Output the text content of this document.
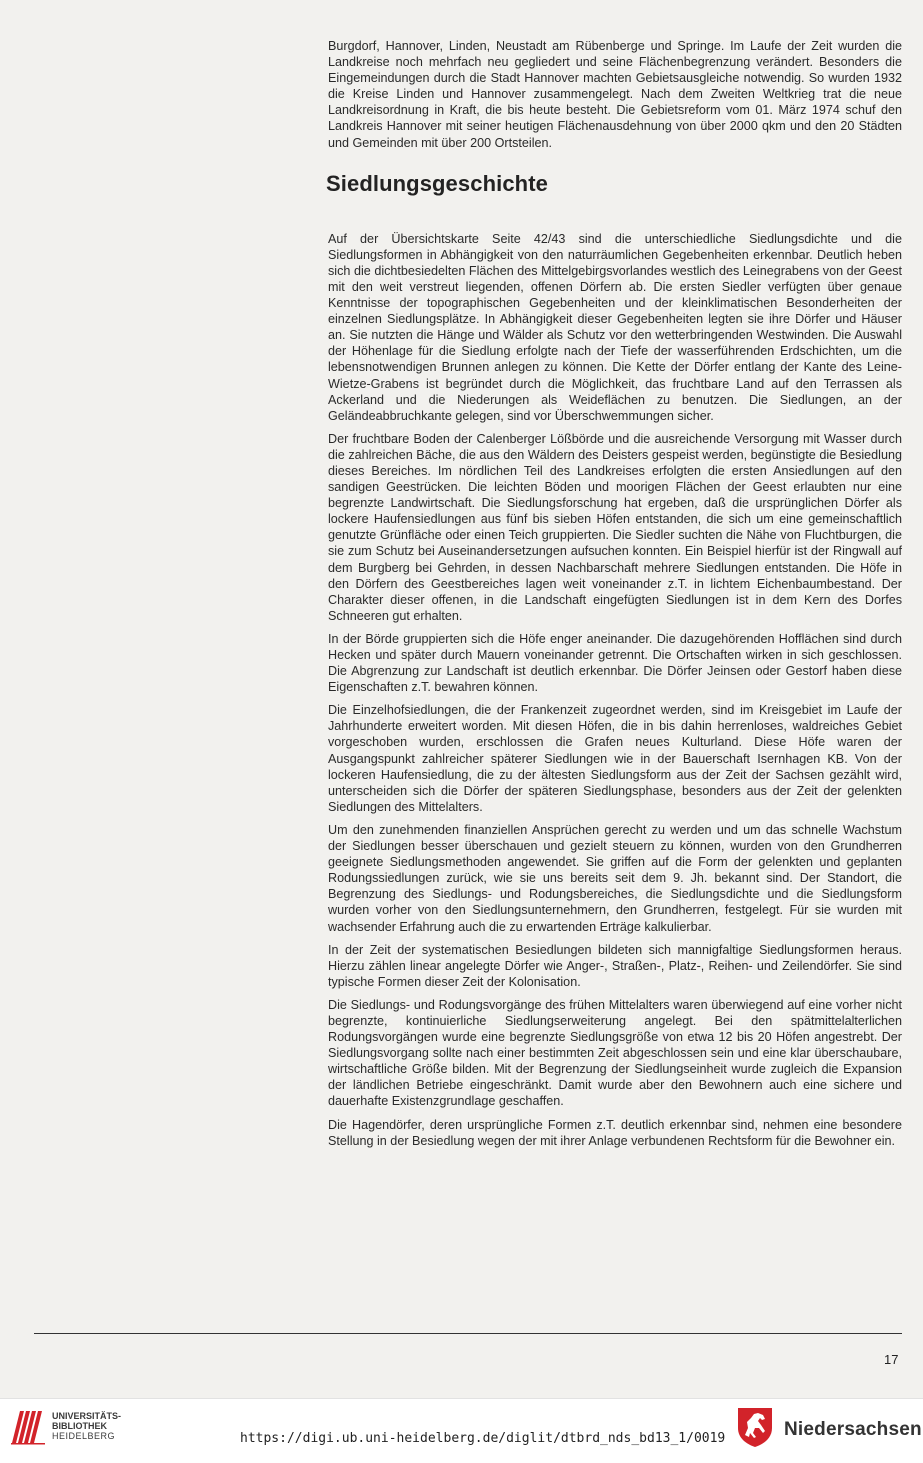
Burgdorf, Hannover, Linden, Neustadt am Rübenberge und Springe. Im Laufe der Zeit wurden die Landkreise noch mehrfach neu gegliedert und seine Flächenbegrenzung verändert. Besonders die Eingemeindungen durch die Stadt Hannover machten Gebietsausgleiche notwendig. So wurden 1932 die Kreise Linden und Hannover zusammengelegt. Nach dem Zweiten Weltkrieg trat die neue Landkreisordnung in Kraft, die bis heute besteht. Die Gebietsreform vom 01. März 1974 schuf den Landkreis Hannover mit seiner heutigen Flächenausdehnung von über 2000 qkm und den 20 Städten und Gemeinden mit über 200 Ortsteilen.

Siedlungsgeschichte

Auf der Übersichtskarte Seite 42/43 sind die unterschiedliche Siedlungsdichte und die Siedlungsformen in Abhängigkeit von den naturräumlichen Gegebenheiten erkennbar. Deutlich heben sich die dichtbesiedelten Flächen des Mittelgebirgsvorlandes westlich des Leinegrabens von der Geest mit den weit verstreut liegenden, offenen Dörfern ab. Die ersten Siedler verfügten über genaue Kenntnisse der topographischen Gegebenheiten und der kleinklimatischen Besonderheiten der einzelnen Siedlungsplätze. In Abhängigkeit dieser Gegebenheiten legten sie ihre Dörfer und Häuser an. Sie nutzten die Hänge und Wälder als Schutz vor den wetterbringenden Westwinden. Die Auswahl der Höhenlage für die Siedlung erfolgte nach der Tiefe der wasserführenden Erdschichten, um die lebensnotwendigen Brunnen anlegen zu können. Die Kette der Dörfer entlang der Kante des Leine-Wietze-Grabens ist begründet durch die Möglichkeit, das fruchtbare Land auf den Terrassen als Ackerland und die Niederungen als Weideflächen zu benutzen. Die Siedlungen, an der Geländeabbruchkante gelegen, sind vor Überschwemmungen sicher.

Der fruchtbare Boden der Calenberger Lößbörde und die ausreichende Versorgung mit Wasser durch die zahlreichen Bäche, die aus den Wäldern des Deisters gespeist werden, begünstigte die Besiedlung dieses Bereiches. Im nördlichen Teil des Landkreises erfolgten die ersten Ansiedlungen auf den sandigen Geestrücken. Die leichten Böden und moorigen Flächen der Geest erlaubten nur eine begrenzte Landwirtschaft. Die Siedlungsforschung hat ergeben, daß die ursprünglichen Dörfer als lockere Haufensiedlungen aus fünf bis sieben Höfen entstanden, die sich um eine gemeinschaftlich genutzte Grünfläche oder einen Teich gruppierten. Die Siedler suchten die Nähe von Fluchtburgen, die sie zum Schutz bei Auseinandersetzungen aufsuchen konnten. Ein Beispiel hierfür ist der Ringwall auf dem Burgberg bei Gehrden, in dessen Nachbarschaft mehrere Siedlungen entstanden. Die Höfe in den Dörfern des Geestbereiches lagen weit voneinander z.T. in lichtem Eichenbaumbestand. Der Charakter dieser offenen, in die Landschaft eingefügten Siedlungen ist in dem Kern des Dorfes Schneeren gut erhalten.

In der Börde gruppierten sich die Höfe enger aneinander. Die dazugehörenden Hofflächen sind durch Hecken und später durch Mauern voneinander getrennt. Die Ortschaften wirken in sich geschlossen. Die Abgrenzung zur Landschaft ist deutlich erkennbar. Die Dörfer Jeinsen oder Gestorf haben diese Eigenschaften z.T. bewahren können.

Die Einzelhofsiedlungen, die der Frankenzeit zugeordnet werden, sind im Kreisgebiet im Laufe der Jahrhunderte erweitert worden. Mit diesen Höfen, die in bis dahin herrenloses, waldreiches Gebiet vorgeschoben wurden, erschlossen die Grafen neues Kulturland. Diese Höfe waren der Ausgangspunkt zahlreicher späterer Siedlungen wie in der Bauerschaft Isernhagen KB. Von der lockeren Haufensiedlung, die zu der ältesten Siedlungsform aus der Zeit der Sachsen gezählt wird, unterscheiden sich die Dörfer der späteren Siedlungsphase, besonders aus der Zeit der gelenkten Siedlungen des Mittelalters.

Um den zunehmenden finanziellen Ansprüchen gerecht zu werden und um das schnelle Wachstum der Siedlungen besser überschauen und gezielt steuern zu können, wurden von den Grundherren geeignete Siedlungsmethoden angewendet. Sie griffen auf die Form der gelenkten und geplanten Rodungssiedlungen zurück, wie sie uns bereits seit dem 9. Jh. bekannt sind. Der Standort, die Begrenzung des Siedlungs- und Rodungsbereiches, die Siedlungsdichte und die Siedlungsform wurden vorher von den Siedlungsunternehmern, den Grundherren, festgelegt. Für sie wurden mit wachsender Erfahrung auch die zu erwartenden Erträge kalkulierbar.

In der Zeit der systematischen Besiedlungen bildeten sich mannigfaltige Siedlungsformen heraus. Hierzu zählen linear angelegte Dörfer wie Anger-, Straßen-, Platz-, Reihen- und Zeilendörfer. Sie sind typische Formen dieser Zeit der Kolonisation.

Die Siedlungs- und Rodungsvorgänge des frühen Mittelalters waren überwiegend auf eine vorher nicht begrenzte, kontinuierliche Siedlungserweiterung angelegt. Bei den spätmittelalterlichen Rodungsvorgängen wurde eine begrenzte Siedlungsgröße von etwa 12 bis 20 Höfen angestrebt. Der Siedlungsvorgang sollte nach einer bestimmten Zeit abgeschlossen sein und eine klar überschaubare, wirtschaftliche Größe bilden. Mit der Begrenzung der Siedlungseinheit wurde zugleich die Expansion der ländlichen Betriebe eingeschränkt. Damit wurde aber den Bewohnern auch eine sichere und dauerhafte Existenzgrundlage geschaffen.

Die Hagendörfer, deren ursprüngliche Formen z.T. deutlich erkennbar sind, nehmen eine besondere Stellung in der Besiedlung wegen der mit ihrer Anlage verbundenen Rechtsform für die Bewohner ein.

17
UNIVERSITÄTS-
BIBLIOTHEK
HEIDELBERG	https://digi.ub.uni-heidelberg.de/diglit/dtbrd_nds_bd13_1/0019	Niedersachsen
